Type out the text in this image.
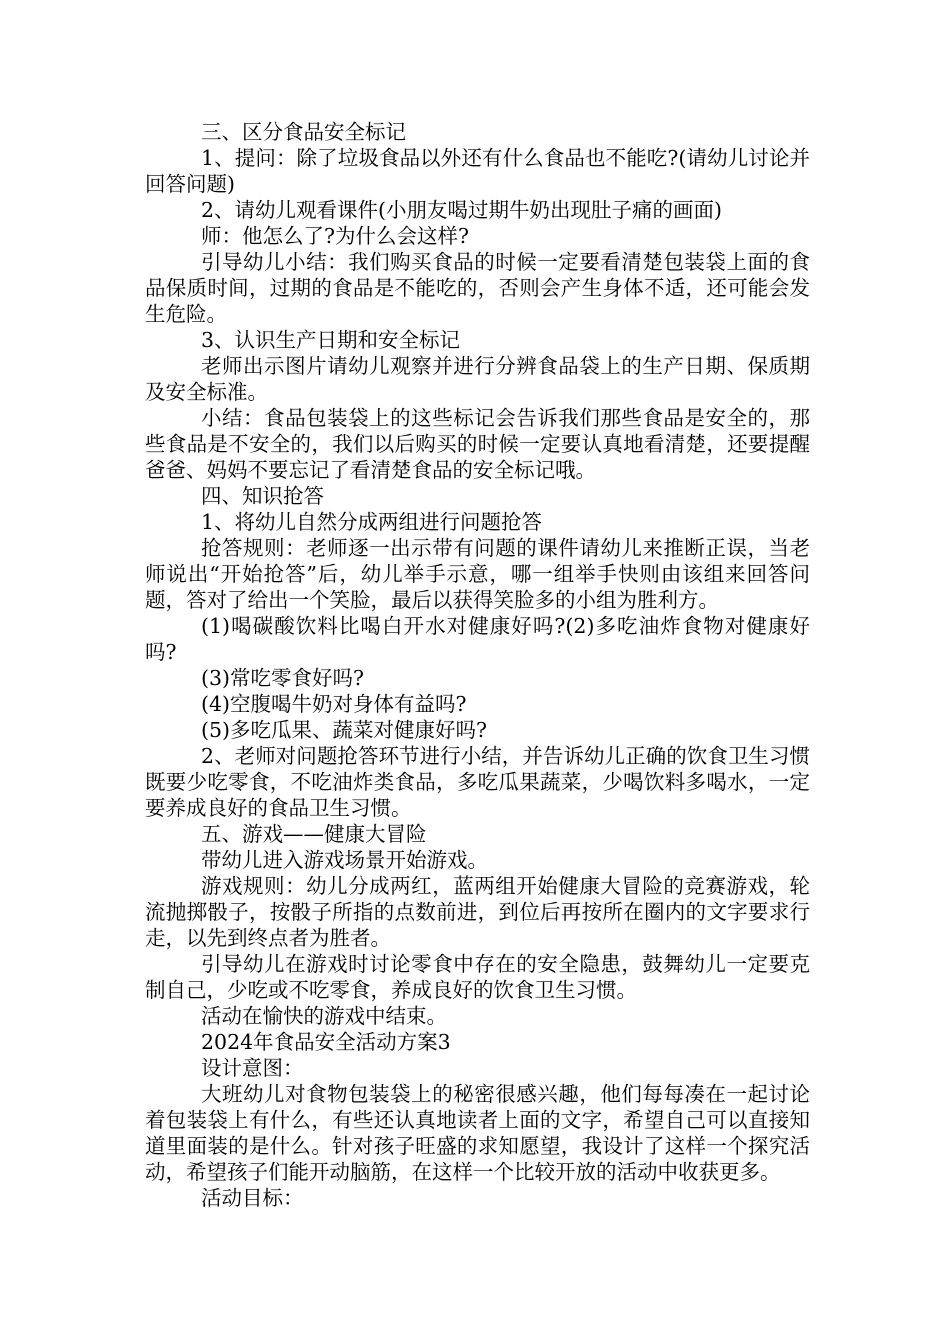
三、区分食品安全标记

1、提问：除了垃圾食品以外还有什么食品也不能吃?(请幼儿讨论并回答问题)

2、请幼儿观看课件(小朋友喝过期牛奶出现肚子痛的画面)

师：他怎么了?为什么会这样?

引导幼儿小结：我们购买食品的时候一定要看清楚包装袋上面的食品保质时间，过期的食品是不能吃的，否则会产生身体不适，还可能会发生危险。

3、认识生产日期和安全标记

老师出示图片请幼儿观察并进行分辨食品袋上的生产日期、保质期及安全标准。

小结：食品包装袋上的这些标记会告诉我们那些食品是安全的，那些食品是不安全的，我们以后购买的时候一定要认真地看清楚，还要提醒爸爸、妈妈不要忘记了看清楚食品的安全标记哦。

四、知识抢答

1、将幼儿自然分成两组进行问题抢答

抢答规则：老师逐一出示带有问题的课件请幼儿来推断正误，当老师说出“开始抢答”后，幼儿举手示意，哪一组举手快则由该组来回答问题，答对了给出一个笑脸，最后以获得笑脸多的小组为胜利方。

(1)喝碳酸饮料比喝白开水对健康好吗?(2)多吃油炸食物对健康好吗?

(3)常吃零食好吗?

(4)空腹喝牛奶对身体有益吗?

(5)多吃瓜果、蔬菜对健康好吗?

2、老师对问题抢答环节进行小结，并告诉幼儿正确的饮食卫生习惯既要少吃零食，不吃油炸类食品，多吃瓜果蔬菜，少喝饮料多喝水，一定要养成良好的食品卫生习惯。

五、游戏——健康大冒险

带幼儿进入游戏场景开始游戏。

游戏规则：幼儿分成两红，蓝两组开始健康大冒险的竞赛游戏，轮流抛掷骰子，按骰子所指的点数前进，到位后再按所在圈内的文字要求行走，以先到终点者为胜者。

引导幼儿在游戏时讨论零食中存在的安全隐患，鼓舞幼儿一定要克制自己，少吃或不吃零食，养成良好的饮食卫生习惯。

活动在愉快的游戏中结束。

2024年食品安全活动方案3

设计意图：

大班幼儿对食物包装袋上的秘密很感兴趣，他们每每凑在一起讨论着包装袋上有什么，有些还认真地读者上面的文字，希望自己可以直接知道里面装的是什么。针对孩子旺盛的求知愿望，我设计了这样一个探究活动，希望孩子们能开动脑筋，在这样一个比较开放的活动中收获更多。

活动目标：
